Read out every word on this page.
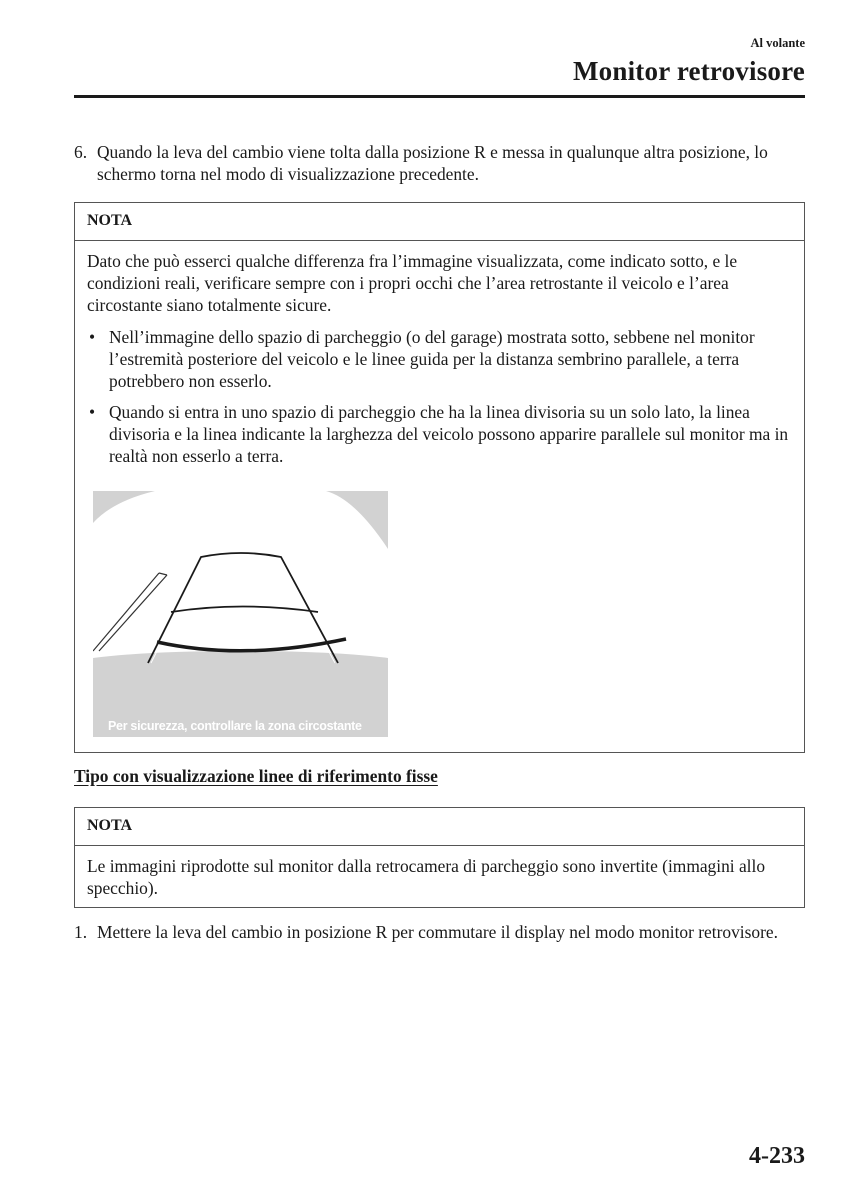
Al volante
Monitor retrovisore
6. Quando la leva del cambio viene tolta dalla posizione R e messa in qualunque altra posizione, lo schermo torna nel modo di visualizzazione precedente.
NOTA

Dato che può esserci qualche differenza fra l’immagine visualizzata, come indicato sotto, e le condizioni reali, verificare sempre con i propri occhi che l’area retrostante il veicolo e l’area circostante siano totalmente sicure.

• Nell’immagine dello spazio di parcheggio (o del garage) mostrata sotto, sebbene nel monitor l’estremità posteriore del veicolo e le linee guida per la distanza sembrino parallele, a terra potrebbero non esserlo.
• Quando si entra in uno spazio di parcheggio che ha la linea divisoria su un solo lato, la linea divisoria e la linea indicante la larghezza del veicolo possono apparire parallele sul monitor ma in realtà non esserlo a terra.
Per sicurezza, controllare la zona circostante
Tipo con visualizzazione linee di riferimento fisse
NOTA

Le immagini riprodotte sul monitor dalla retrocamera di parcheggio sono invertite (immagini allo specchio).

1. Mettere la leva del cambio in posizione R per commutare il display nel modo monitor retrovisore.
4-233
